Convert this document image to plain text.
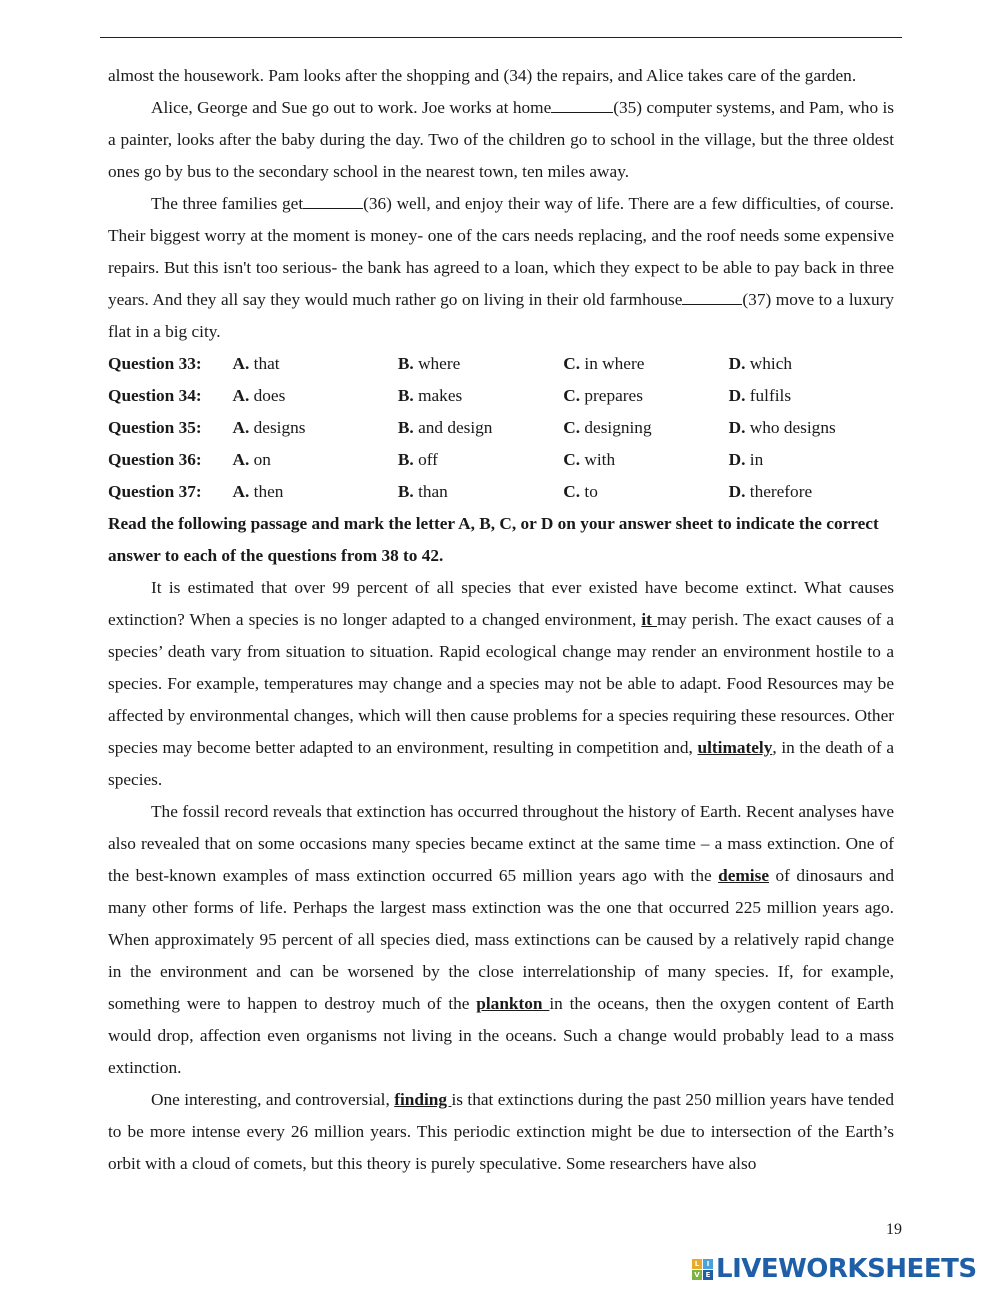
almost the housework. Pam looks after the shopping and (34) the repairs, and Alice takes care of the garden.

Alice, George and Sue go out to work. Joe works at home	(35) computer systems, and Pam, who is a painter, looks after the baby during the day. Two of the children go to school in the village, but the three oldest ones go by bus to the secondary school in the nearest town, ten miles away.

The three families get	(36) well, and enjoy their way of life. There are a few difficulties, of course. Their biggest worry at the moment is money- one of the cars needs replacing, and the roof needs some expensive repairs. But this isn't too serious- the bank has agreed to a loan, which they expect to be able to pay back in three years. And they all say they would much rather go on living in their old farmhouse	(37) move to a luxury flat in a big city.

Question 33:	A. that	B. where	C. in where	D. which
Question 34:	A. does	B. makes	C. prepares	D. fulfils
Question 35:	A. designs	B. and design	C. designing	D. who designs
Question 36:	A. on	B. off	C. with	D. in
Question 37:	A. then	B. than	C. to	D. therefore

Read the following passage and mark the letter A, B, C, or D on your answer sheet to indicate the correct answer to each of the questions from 38 to 42.

It is estimated that over 99 percent of all species that ever existed have become extinct. What causes extinction? When a species is no longer adapted to a changed environment, it may perish. The exact causes of a species’ death vary from situation to situation. Rapid ecological change may render an environment hostile to a species. For example, temperatures may change and a species may not be able to adapt. Food Resources may be affected by environmental changes, which will then cause problems for a species requiring these resources. Other species may become better adapted to an environment, resulting in competition and, ultimately, in the death of a species.

The fossil record reveals that extinction has occurred throughout the history of Earth. Recent analyses have also revealed that on some occasions many species became extinct at the same time – a mass extinction. One of the best-known examples of mass extinction occurred 65 million years ago with the demise of dinosaurs and many other forms of life. Perhaps the largest mass extinction was the one that occurred 225 million years ago. When approximately 95 percent of all species died, mass extinctions can be caused by a relatively rapid change in the environment and can be worsened by the close interrelationship of many species. If, for example, something were to happen to destroy much of the plankton in the oceans, then the oxygen content of Earth would drop, affection even organisms not living in the oceans. Such a change would probably lead to a mass extinction.

One interesting, and controversial, finding is that extinctions during the past 250 million years have tended to be more intense every 26 million years. This periodic extinction might be due to intersection of the Earth’s orbit with a cloud of comets, but this theory is purely speculative. Some researchers have also

19
L	I
V E LIVEWORKSHEETS
